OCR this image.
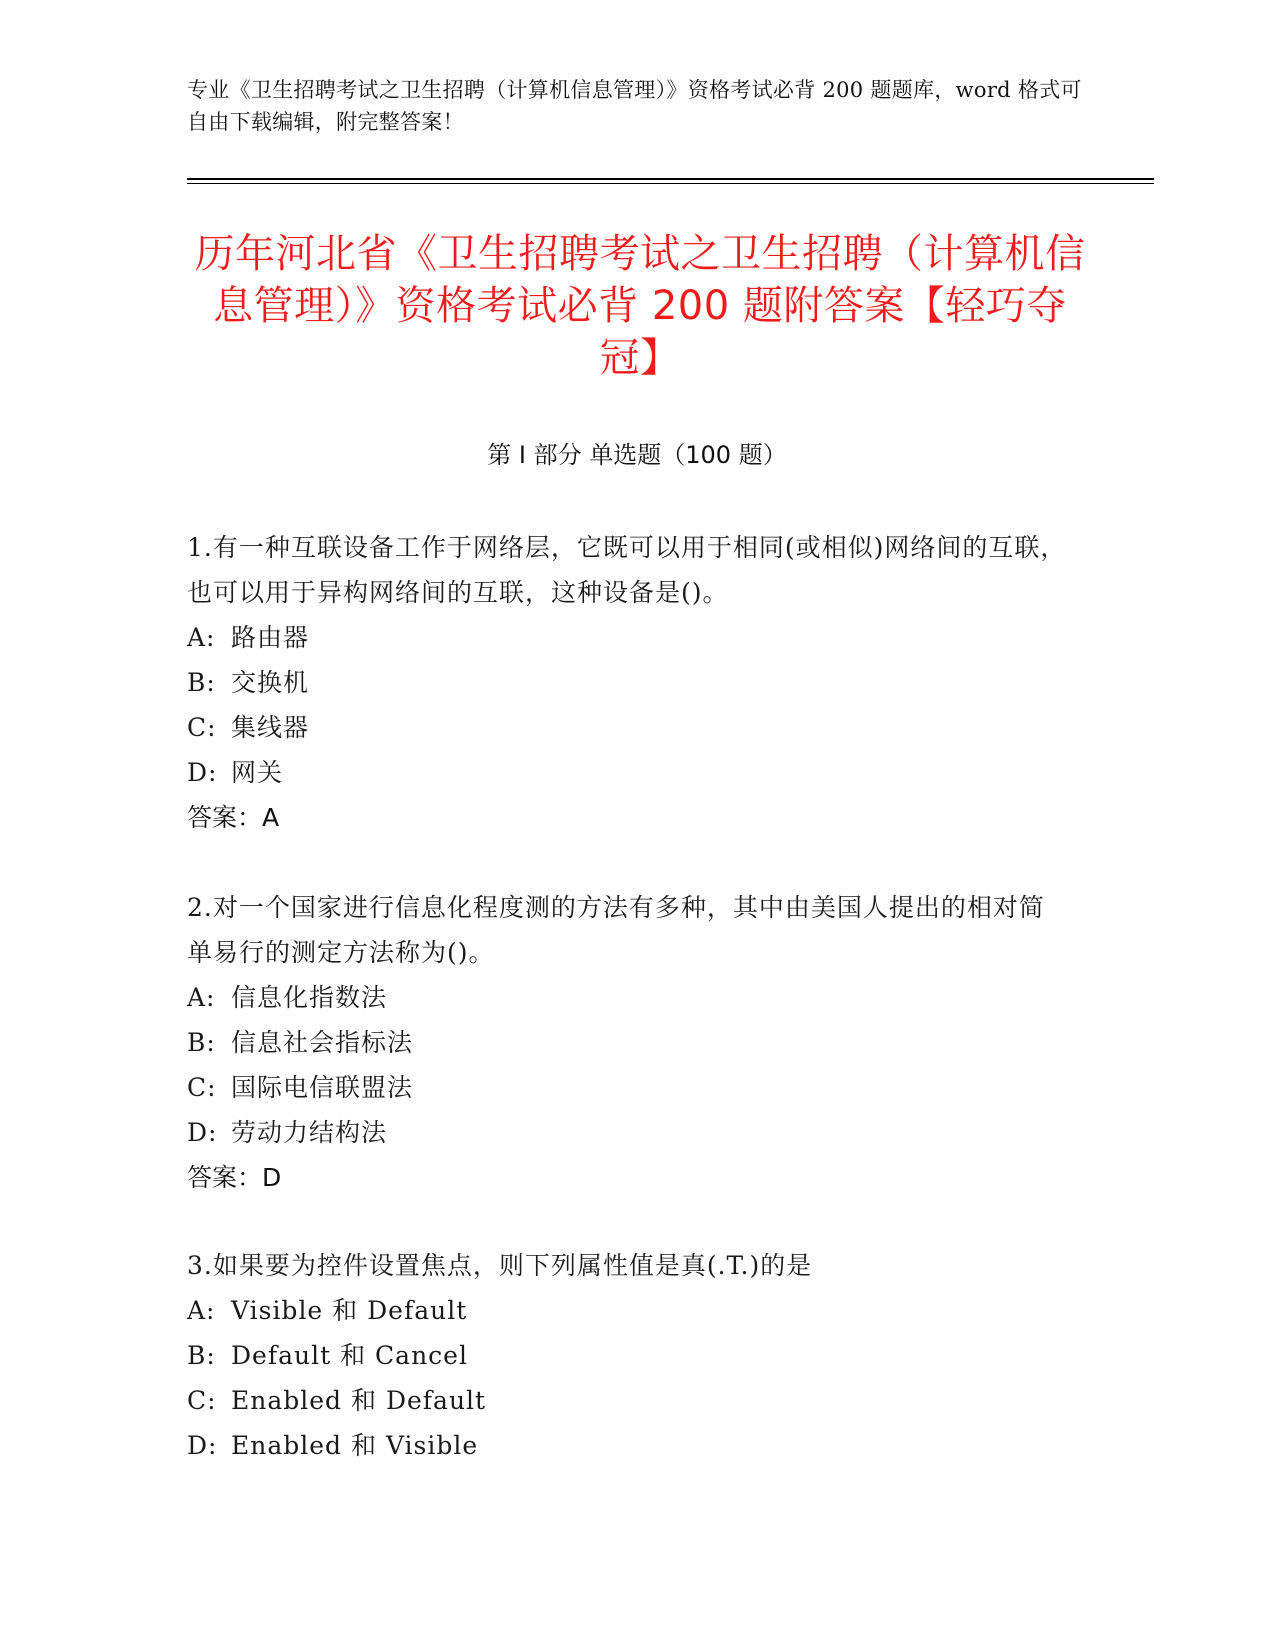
专业《卫生招聘考试之卫生招聘（计算机信息管理）》资格考试必背 200 题题库，word 格式可自由下载编辑，附完整答案！
历年河北省《卫生招聘考试之卫生招聘（计算机信息管理）》资格考试必背 200 题附答案【轻巧夺冠】
第 I 部分 单选题（100 题）

1.有一种互联设备工作于网络层，它既可以用于相同(或相似)网络间的互联，也可以用于异构网络间的互联，这种设备是()。

A: 路由器
B: 交换机
C: 集线器
D: 网关
答案：A

2.对一个国家进行信息化程度测的方法有多种，其中由美国人提出的相对简单易行的测定方法称为()。

A: 信息化指数法
B: 信息社会指标法
C: 国际电信联盟法
D: 劳动力结构法
答案：D

3.如果要为控件设置焦点，则下列属性值是真(.T.)的是

A: Visible 和 Default
B: Default 和 Cancel
C: Enabled 和 Default
D: Enabled 和 Visible
